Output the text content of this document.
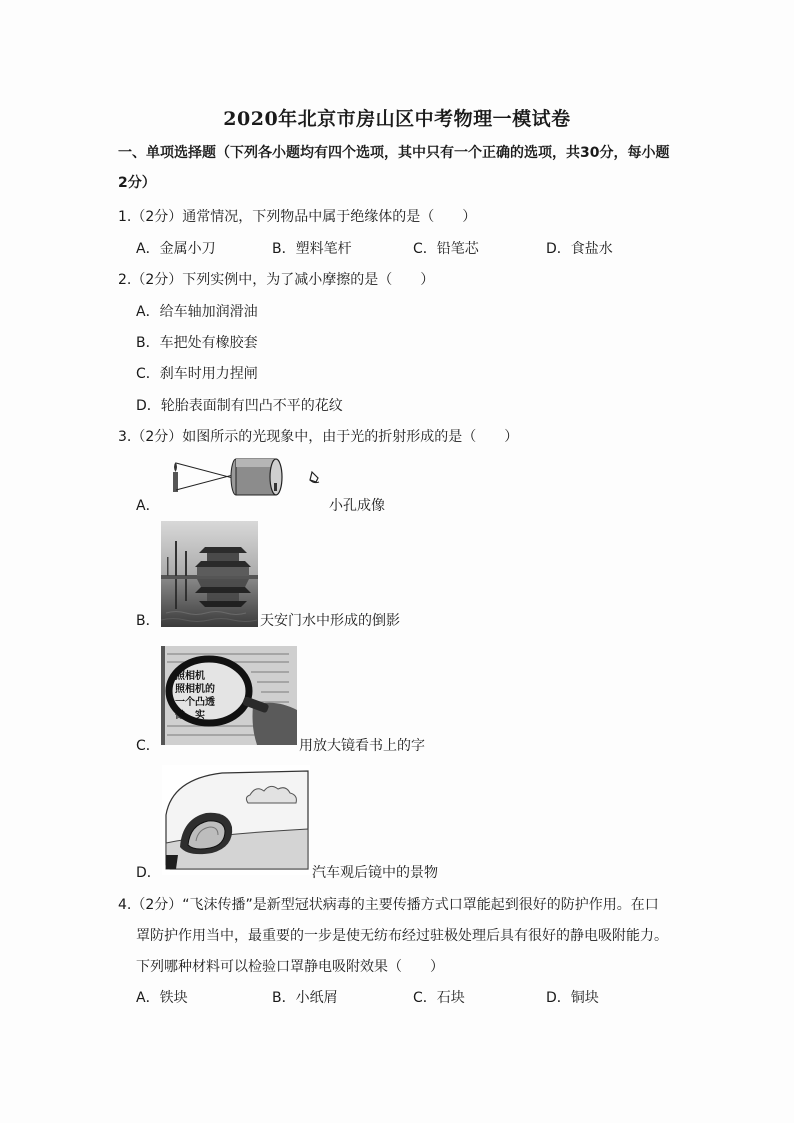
2020年北京市房山区中考物理一模试卷
一、单项选择题（下列各小题均有四个选项，其中只有一个正确的选项，共30分，每小题
2分）
1.（2分）通常情况，下列物品中属于绝缘体的是（　　）
A．金属小刀	B．塑料笔杆	C．铅笔芯	D．食盐水
2.（2分）下列实例中，为了减小摩擦的是（　　）
A．给车轴加润滑油
B．车把处有橡胶套
C．刹车时用力捏闸
D．轮胎表面制有凹凸不平的花纹
3.（2分）如图所示的光现象中，由于光的折射形成的是（　　）
A．	小孔成像
B．	天安门水中形成的倒影
C．
照相机
照相机的
一个凸透
像，实
用放大镜看书上的字
D．	汽车观后镜中的景物
4.（2分）“飞沫传播”是新型冠状病毒的主要传播方式口罩能起到很好的防护作用。在口
罩防护作用当中，最重要的一步是使无纺布经过驻极处理后具有很好的静电吸附能力。
下列哪种材料可以检验口罩静电吸附效果（　　）
A．铁块	B．小纸屑	C．石块	D．铜块
